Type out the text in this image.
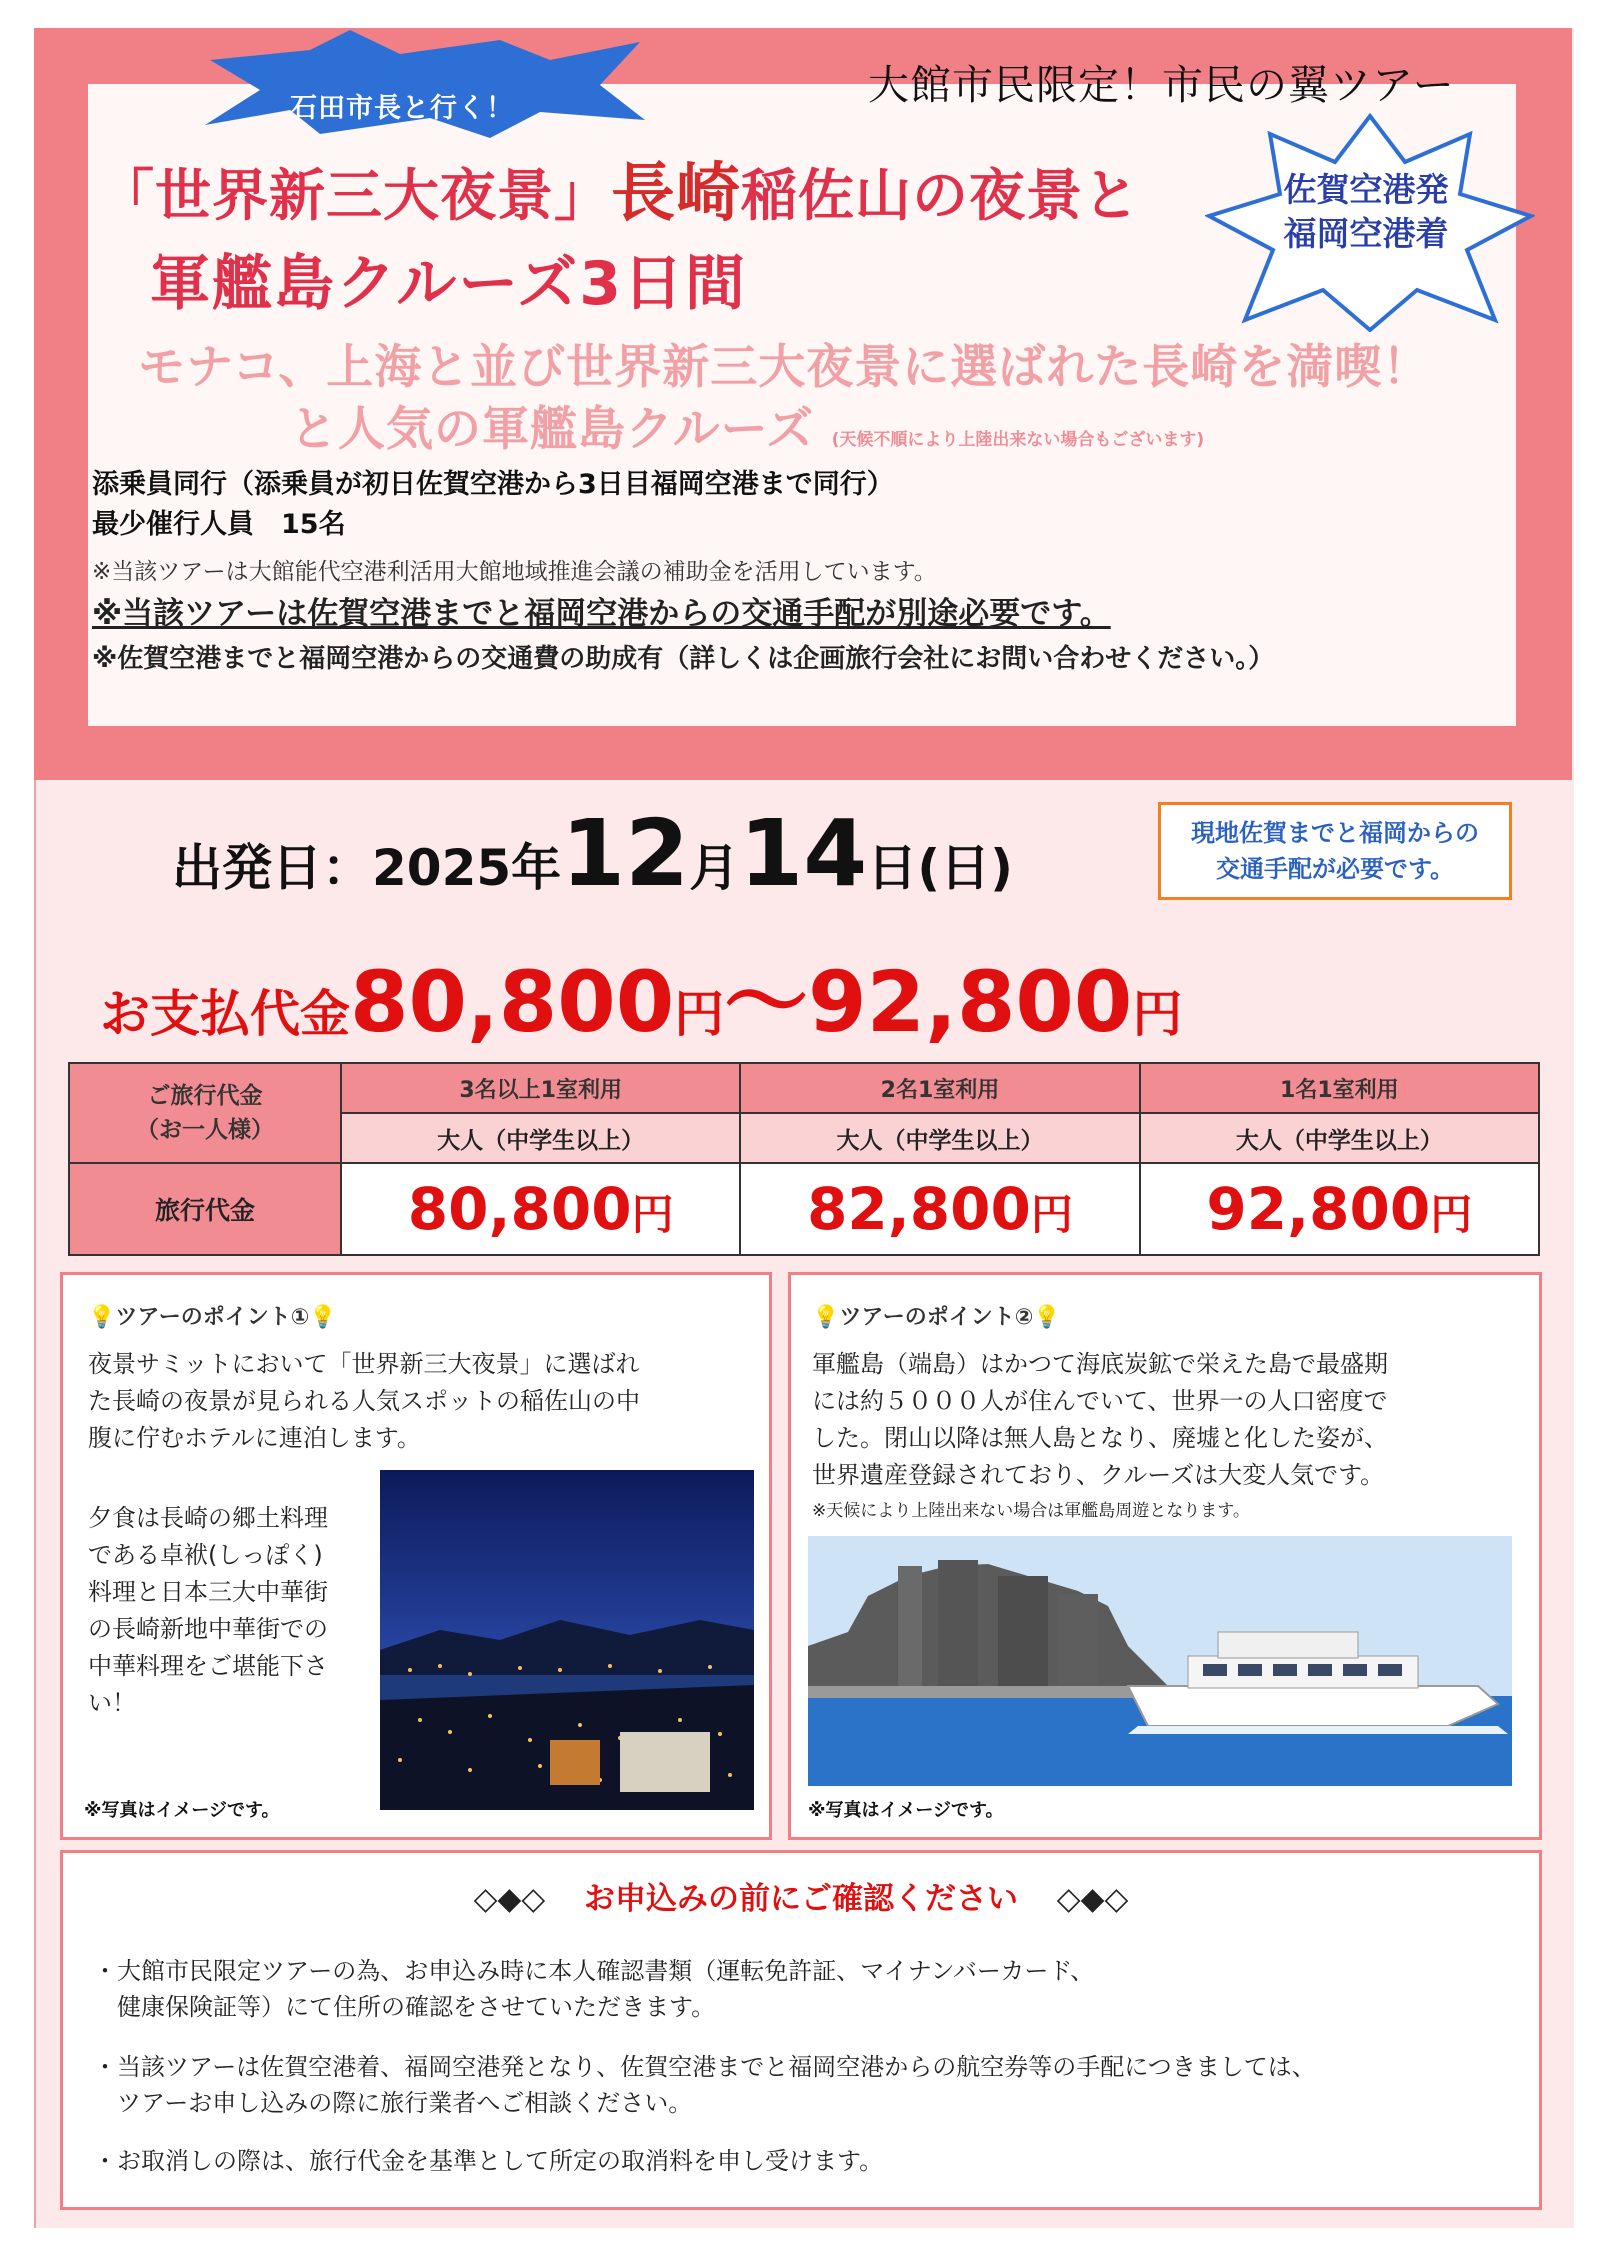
石田市長と行く！	大館市民限定！市民の翼ツアー
「世界新三大夜景」長崎稲佐山の夜景と
軍艦島クルーズ3日間
佐賀空港発
福岡空港着
モナコ、上海と並び世界新三大夜景に選ばれた長崎を満喫！
と人気の軍艦島クルーズ (天候不順により上陸出来ない場合もございます)
添乗員同行（添乗員が初日佐賀空港から3日目福岡空港まで同行）
最少催行人員　15名
※当該ツアーは大館能代空港利活用大館地域推進会議の補助金を活用しています。
※当該ツアーは佐賀空港までと福岡空港からの交通手配が別途必要です。
※佐賀空港までと福岡空港からの交通費の助成有（詳しくは企画旅行会社にお問い合わせください。）
出発日：2025年12月14日(日)
現地佐賀までと福岡からの
交通手配が必要です。
お支払代金80,800円～92,800円
ご旅行代金
（お一人様）	3名以上1室利用	2名1室利用	1名1室利用
	大人（中学生以上）	大人（中学生以上）	大人（中学生以上）
旅行代金	80,800円	82,800円	92,800円
💡ツアーのポイント①💡
夜景サミットにおいて「世界新三大夜景」に選ばれ
た長崎の夜景が見られる人気スポットの稲佐山の中
腹に佇むホテルに連泊します。
夕食は長崎の郷土料理
である卓袱(しっぽく)
料理と日本三大中華街
の長崎新地中華街での
中華料理をご堪能下さ
い！
※写真はイメージです。
💡ツアーのポイント②💡
軍艦島（端島）はかつて海底炭鉱で栄えた島で最盛期
には約５０００人が住んでいて、世界一の人口密度で
した。閉山以降は無人島となり、廃墟と化した姿が、
世界遺産登録されており、クルーズは大変人気です。
※天候により上陸出来ない場合は軍艦島周遊となります。
※写真はイメージです。
◇◆◇ お申込みの前にご確認ください ◇◆◇
・大館市民限定ツアーの為、お申込み時に本人確認書類（運転免許証、マイナンバーカード、
　健康保険証等）にて住所の確認をさせていただきます。
・当該ツアーは佐賀空港着、福岡空港発となり、佐賀空港までと福岡空港からの航空券等の手配につきましては、
　ツアーお申し込みの際に旅行業者へご相談ください。
・お取消しの際は、旅行代金を基準として所定の取消料を申し受けます。
